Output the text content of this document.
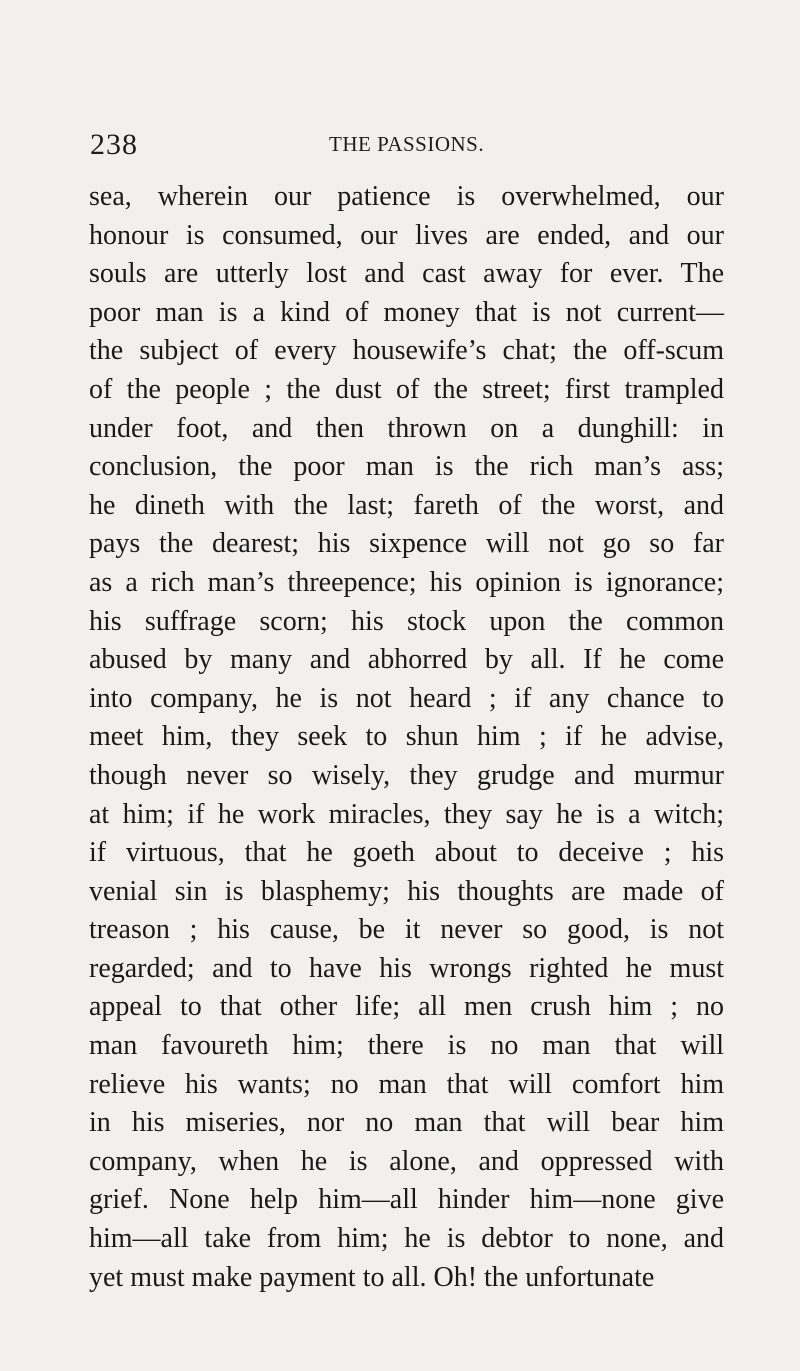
238	THE PASSIONS.
sea, wherein our patience is overwhelmed, our
honour is consumed, our lives are ended, and our
souls are utterly lost and cast away for ever. The
poor man is a kind of money that is not current—
the subject of every housewife’s chat; the off-scum
of the people ; the dust of the street; first trampled
under foot, and then thrown on a dunghill: in
conclusion, the poor man is the rich man’s ass;
he dineth with the last; fareth of the worst, and
pays the dearest; his sixpence will not go so far
as a rich man’s threepence; his opinion is ignorance;
his suffrage scorn; his stock upon the common
abused by many and abhorred by all. If he come
into company, he is not heard ; if any chance to
meet him, they seek to shun him ; if he advise,
though never so wisely, they grudge and murmur
at him; if he work miracles, they say he is a witch;
if virtuous, that he goeth about to deceive ; his
venial sin is blasphemy; his thoughts are made of
treason ; his cause, be it never so good, is not
regarded; and to have his wrongs righted he must
appeal to that other life; all men crush him ; no
man favoureth him; there is no man that will
relieve his wants; no man that will comfort him
in his miseries, nor no man that will bear him
company, when he is alone, and oppressed with
grief. None help him—all hinder him—none give
him—all take from him; he is debtor to none, and
yet must make payment to all. Oh! the unfortunate
